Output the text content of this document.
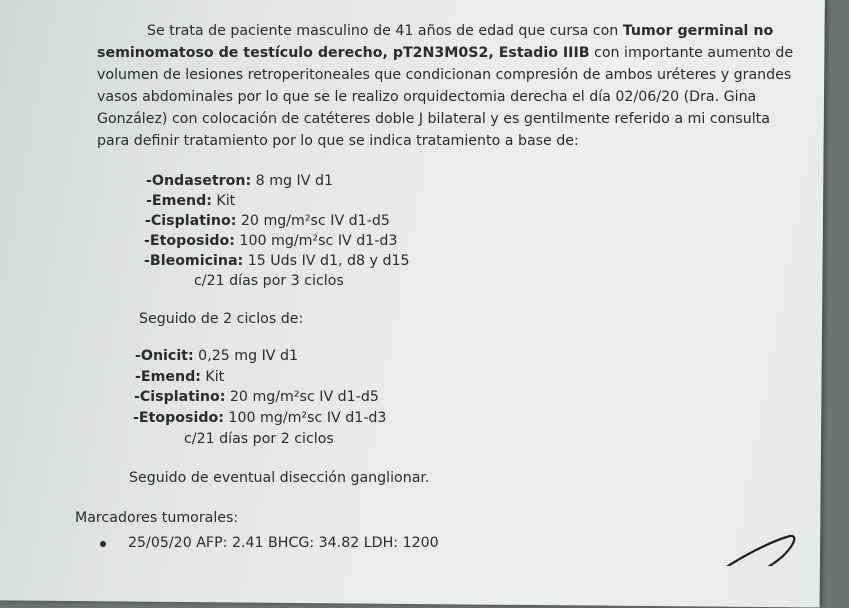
Se trata de paciente masculino de 41 años de edad que cursa con Tumor germinal no
seminomatoso de testículo derecho, pT2N3M0S2, Estadio IIIB con importante aumento de
volumen de lesiones retroperitoneales que condicionan compresión de ambos uréteres y grandes
vasos abdominales por lo que se le realizo orquidectomia derecha el día 02/06/20 (Dra. Gina
González) con colocación de catéteres doble J bilateral y es gentilmente referido a mi consulta
para definir tratamiento por lo que se indica tratamiento a base de:
-Ondasetron: 8 mg IV d1
-Emend: Kit
-Cisplatino: 20 mg/m²sc IV d1-d5
-Etoposido: 100 mg/m²sc IV d1-d3
-Bleomicina: 15 Uds IV d1, d8 y d15
c/21 días por 3 ciclos
Seguido de 2 ciclos de:
-Onicit: 0,25 mg IV d1
-Emend: Kit
-Cisplatino: 20 mg/m²sc IV d1-d5
-Etoposido: 100 mg/m²sc IV d1-d3
c/21 días por 2 ciclos
Seguido de eventual disección ganglionar.
Marcadores tumorales:
25/05/20 AFP: 2.41 BHCG: 34.82 LDH: 1200
